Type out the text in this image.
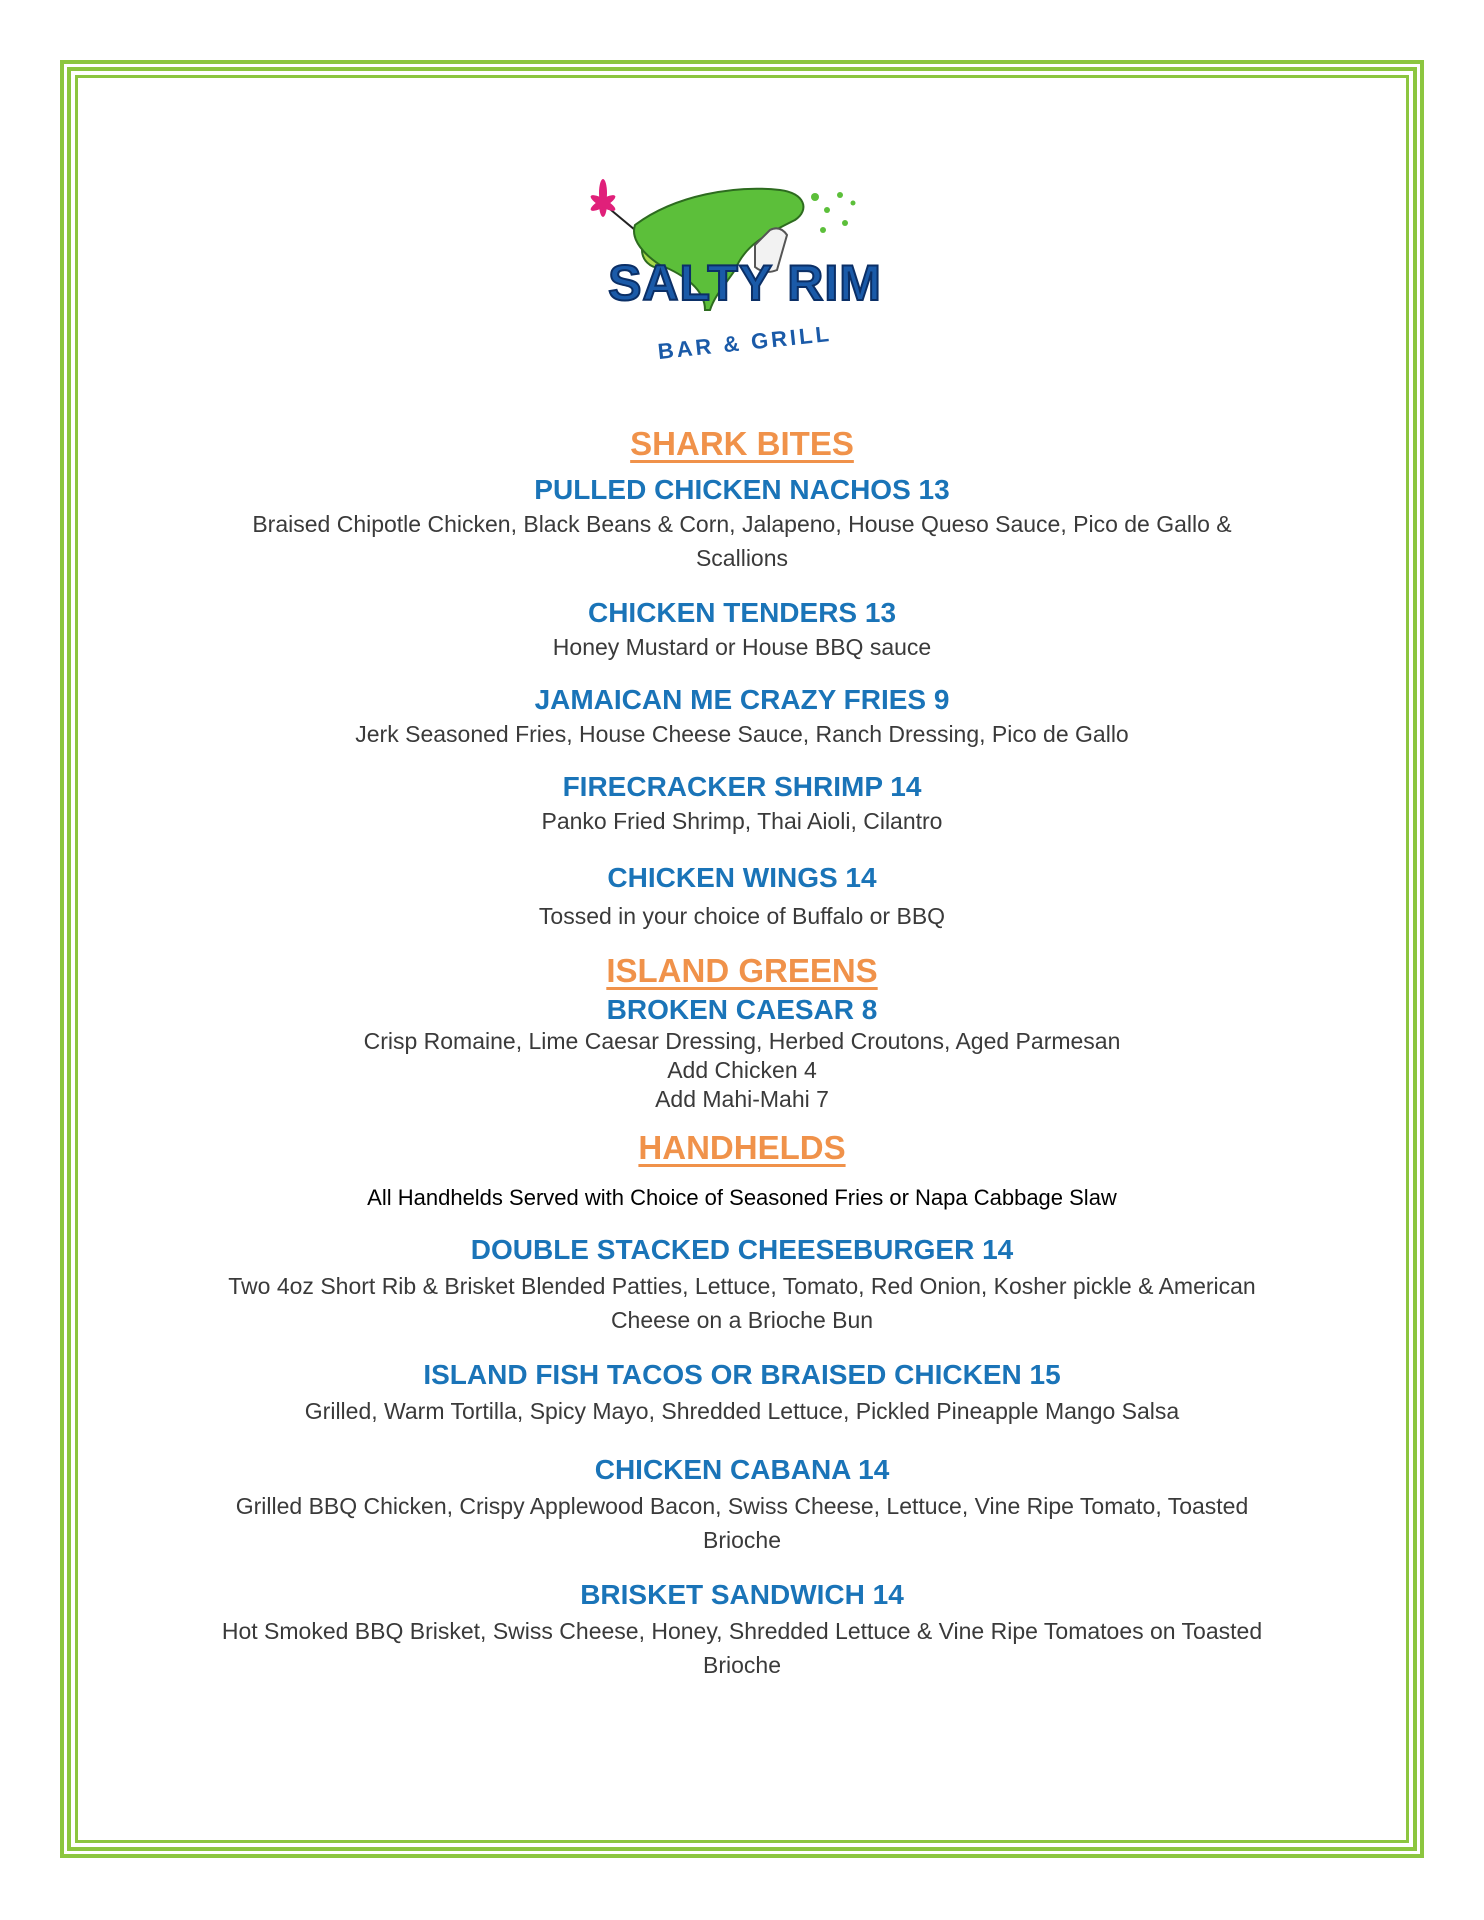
SALTY RIM
BAR & GRILL
SHARK BITES
PULLED CHICKEN NACHOS 13

Braised Chipotle Chicken, Black Beans & Corn, Jalapeno, House Queso Sauce, Pico de Gallo &

Scallions

CHICKEN TENDERS 13

Honey Mustard or House BBQ sauce

JAMAICAN ME CRAZY FRIES 9

Jerk Seasoned Fries, House Cheese Sauce, Ranch Dressing, Pico de Gallo

FIRECRACKER SHRIMP 14

Panko Fried Shrimp, Thai Aioli, Cilantro

CHICKEN WINGS 14

Tossed in your choice of Buffalo or BBQ

ISLAND GREENS
BROKEN CAESAR 8

Crisp Romaine, Lime Caesar Dressing, Herbed Croutons, Aged Parmesan

Add Chicken 4

Add Mahi-Mahi 7

HANDHELDS

All Handhelds Served with Choice of Seasoned Fries or Napa Cabbage Slaw

DOUBLE STACKED CHEESEBURGER 14

Two 4oz Short Rib & Brisket Blended Patties, Lettuce, Tomato, Red Onion, Kosher pickle & American

Cheese on a Brioche Bun

ISLAND FISH TACOS OR BRAISED CHICKEN 15

Grilled, Warm Tortilla, Spicy Mayo, Shredded Lettuce, Pickled Pineapple Mango Salsa

CHICKEN CABANA 14

Grilled BBQ Chicken, Crispy Applewood Bacon, Swiss Cheese, Lettuce, Vine Ripe Tomato, Toasted

Brioche

BRISKET SANDWICH 14

Hot Smoked BBQ Brisket, Swiss Cheese, Honey, Shredded Lettuce & Vine Ripe Tomatoes on Toasted

Brioche
